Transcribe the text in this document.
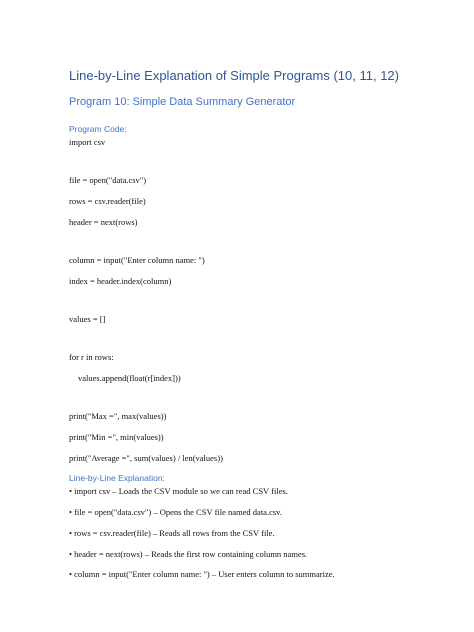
Line-by-Line Explanation of Simple Programs (10, 11, 12)
Program 10: Simple Data Summary Generator
Program Code:
import csv
file = open("data.csv")
rows = csv.reader(file)
header = next(rows)
column = input("Enter column name: ")
index = header.index(column)
values = []
for r in rows:
values.append(float(r[index]))
print("Max =", max(values))
print("Min =", min(values))
print("Average =", sum(values) / len(values))
Line-by-Line Explanation:
• import csv – Loads the CSV module so we can read CSV files.
• file = open("data.csv") – Opens the CSV file named data.csv.
• rows = csv.reader(file) – Reads all rows from the CSV file.
• header = next(rows) – Reads the first row containing column names.
• column = input("Enter column name: ") – User enters column to summarize.
